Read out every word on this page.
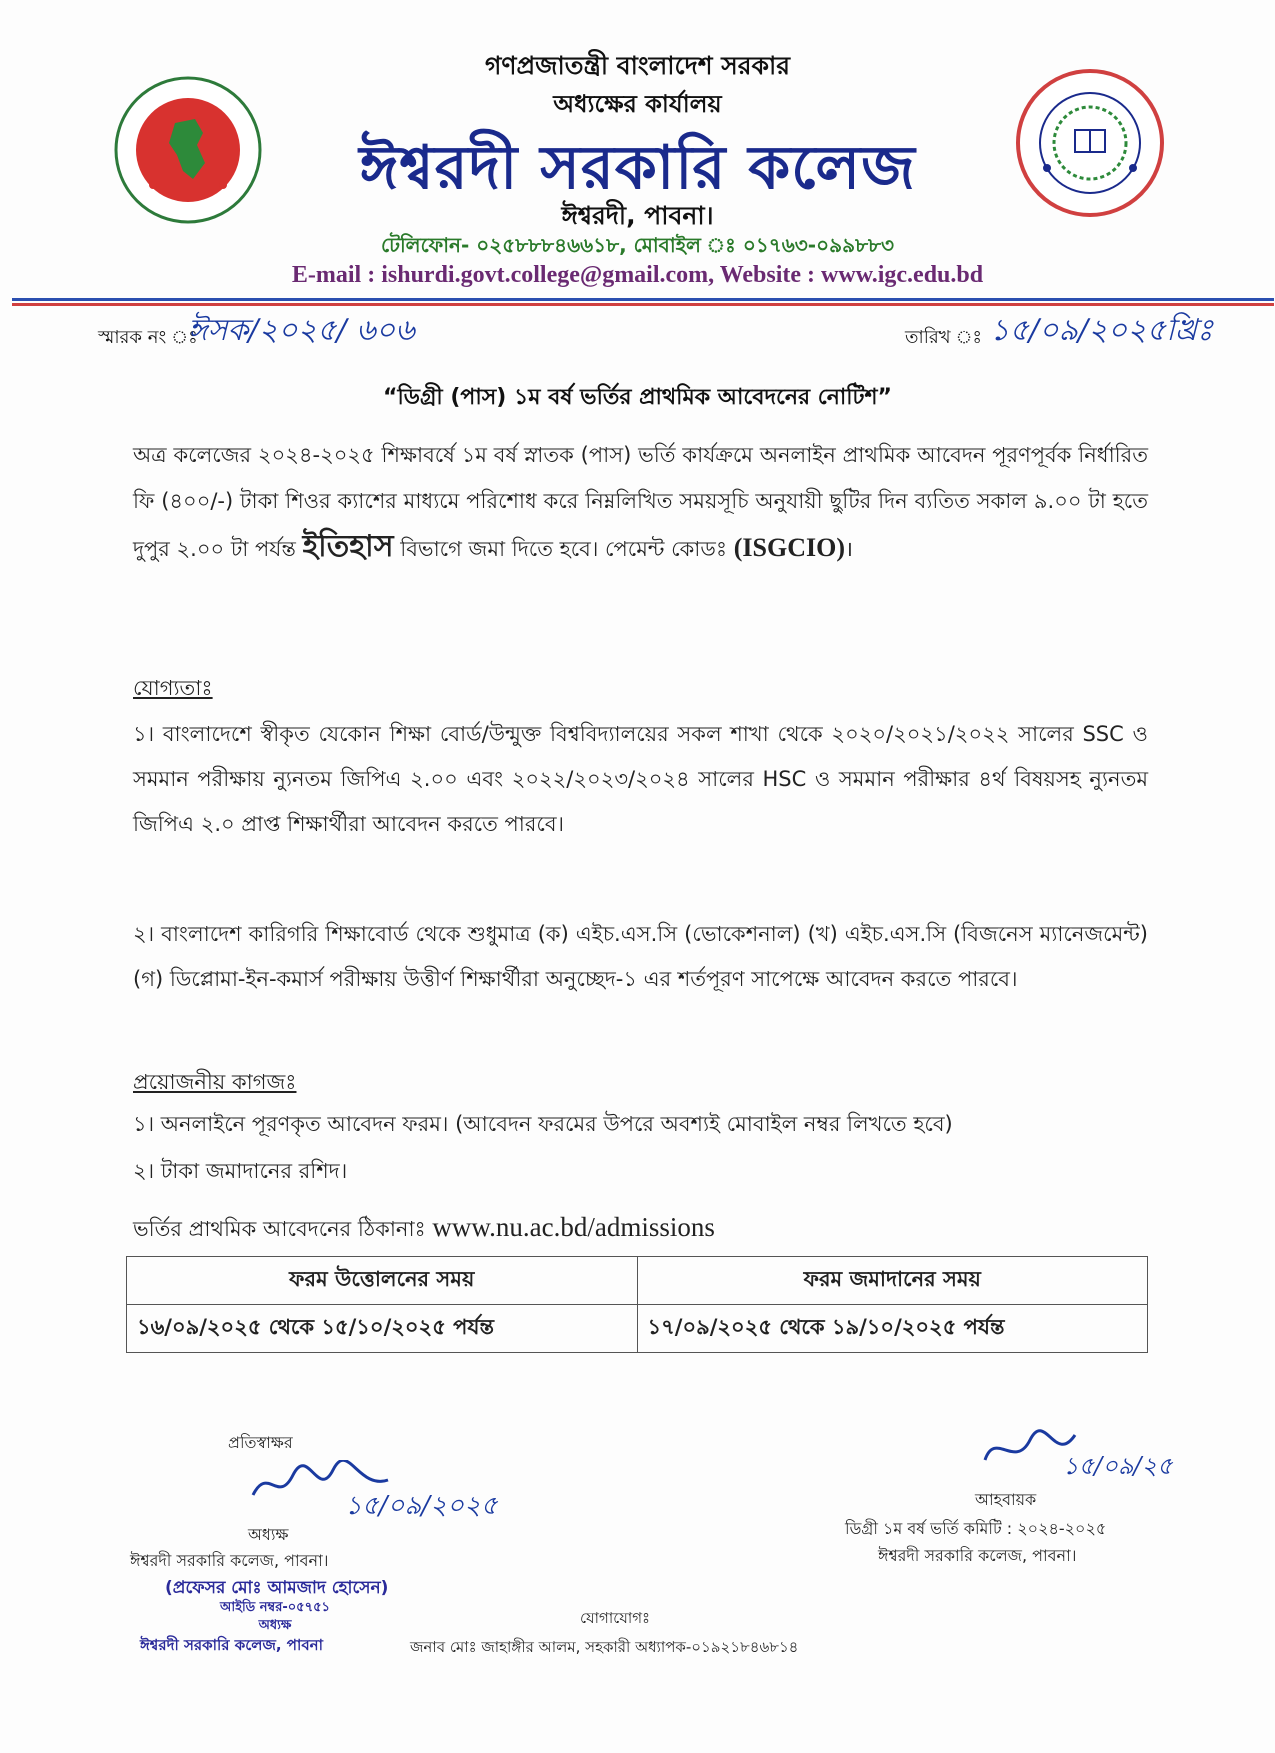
গণপ্রজাতন্ত্রী বাংলাদেশ সরকার
অধ্যক্ষের কার্যালয়
ঈশ্বরদী সরকারি কলেজ
ঈশ্বরদী, পাবনা।
টেলিফোন- ০২৫৮৮৮৪৬৬১৮, মোবাইল ঃ ০১৭৬৩-০৯৯৮৮৩
E-mail : ishurdi.govt.college@gmail.com, Website : www.igc.edu.bd
স্মারক নং ঃ
ঈসক/২০২৫/ ৬০৬	তারিখ ঃ ১৫/০৯/২০২৫খ্রিঃ
“ডিগ্রী (পাস) ১ম বর্ষ ভর্তির প্রাথমিক আবেদনের নোটিশ”
অত্র কলেজের ২০২৪-২০২৫ শিক্ষাবর্ষে ১ম বর্ষ স্নাতক (পাস) ভর্তি কার্যক্রমে অনলাইন প্রাথমিক আবেদন পূরণপূর্বক নির্ধারিত ফি (৪০০/-) টাকা শিওর ক্যাশের মাধ্যমে পরিশোধ করে নিম্নলিখিত সময়সূচি অনুযায়ী ছুটির দিন ব্যতিত সকাল ৯.০০ টা হতে দুপুর ২.০০ টা পর্যন্ত ইতিহাস বিভাগে জমা দিতে হবে। পেমেন্ট কোডঃ (ISGCIO)।
যোগ্যতাঃ
১। বাংলাদেশে স্বীকৃত যেকোন শিক্ষা বোর্ড/উন্মুক্ত বিশ্ববিদ্যালয়ের সকল শাখা থেকে ২০২০/২০২১/২০২২ সালের SSC ও সমমান পরীক্ষায় ন্যুনতম জিপিএ ২.০০ এবং ২০২২/২০২৩/২০২৪ সালের HSC ও সমমান পরীক্ষার ৪র্থ বিষয়সহ ন্যুনতম জিপিএ ২.০ প্রাপ্ত শিক্ষার্থীরা আবেদন করতে পারবে।
২। বাংলাদেশ কারিগরি শিক্ষাবোর্ড থেকে শুধুমাত্র (ক) এইচ.এস.সি (ভোকেশনাল) (খ) এইচ.এস.সি (বিজনেস ম্যানেজমেন্ট) (গ) ডিপ্লোমা-ইন-কমার্স পরীক্ষায় উত্তীর্ণ শিক্ষার্থীরা অনুচ্ছেদ-১ এর শর্তপূরণ সাপেক্ষে আবেদন করতে পারবে।
প্রয়োজনীয় কাগজঃ
১। অনলাইনে পূরণকৃত আবেদন ফরম। (আবেদন ফরমের উপরে অবশ্যই মোবাইল নম্বর লিখতে হবে)
২। টাকা জমাদানের রশিদ।
ভর্তির প্রাথমিক আবেদনের ঠিকানাঃ www.nu.ac.bd/admissions
ফরম উত্তোলনের সময়	ফরম জমাদানের সময়
১৬/০৯/২০২৫ থেকে ১৫/১০/২০২৫ পর্যন্ত	১৭/০৯/২০২৫ থেকে ১৯/১০/২০২৫ পর্যন্ত
প্রতিস্বাক্ষর
১৫/০৯/২০২৫
অধ্যক্ষ
ঈশ্বরদী সরকারি কলেজ, পাবনা।
(প্রফেসর মোঃ আমজাদ হোসেন)
আইডি নম্বর-০৫৭৫১
অধ্যক্ষ
ঈশ্বরদী সরকারি কলেজ, পাবনা
১৫/০৯/২৫
আহবায়ক
ডিগ্রী ১ম বর্ষ ভর্তি কমিটি : ২০২৪-২০২৫
ঈশ্বরদী সরকারি কলেজ, পাবনা।
যোগাযোগঃ
জনাব মোঃ জাহাঙ্গীর আলম, সহকারী অধ্যাপক-০১৯২১৮৪৬৮১৪
